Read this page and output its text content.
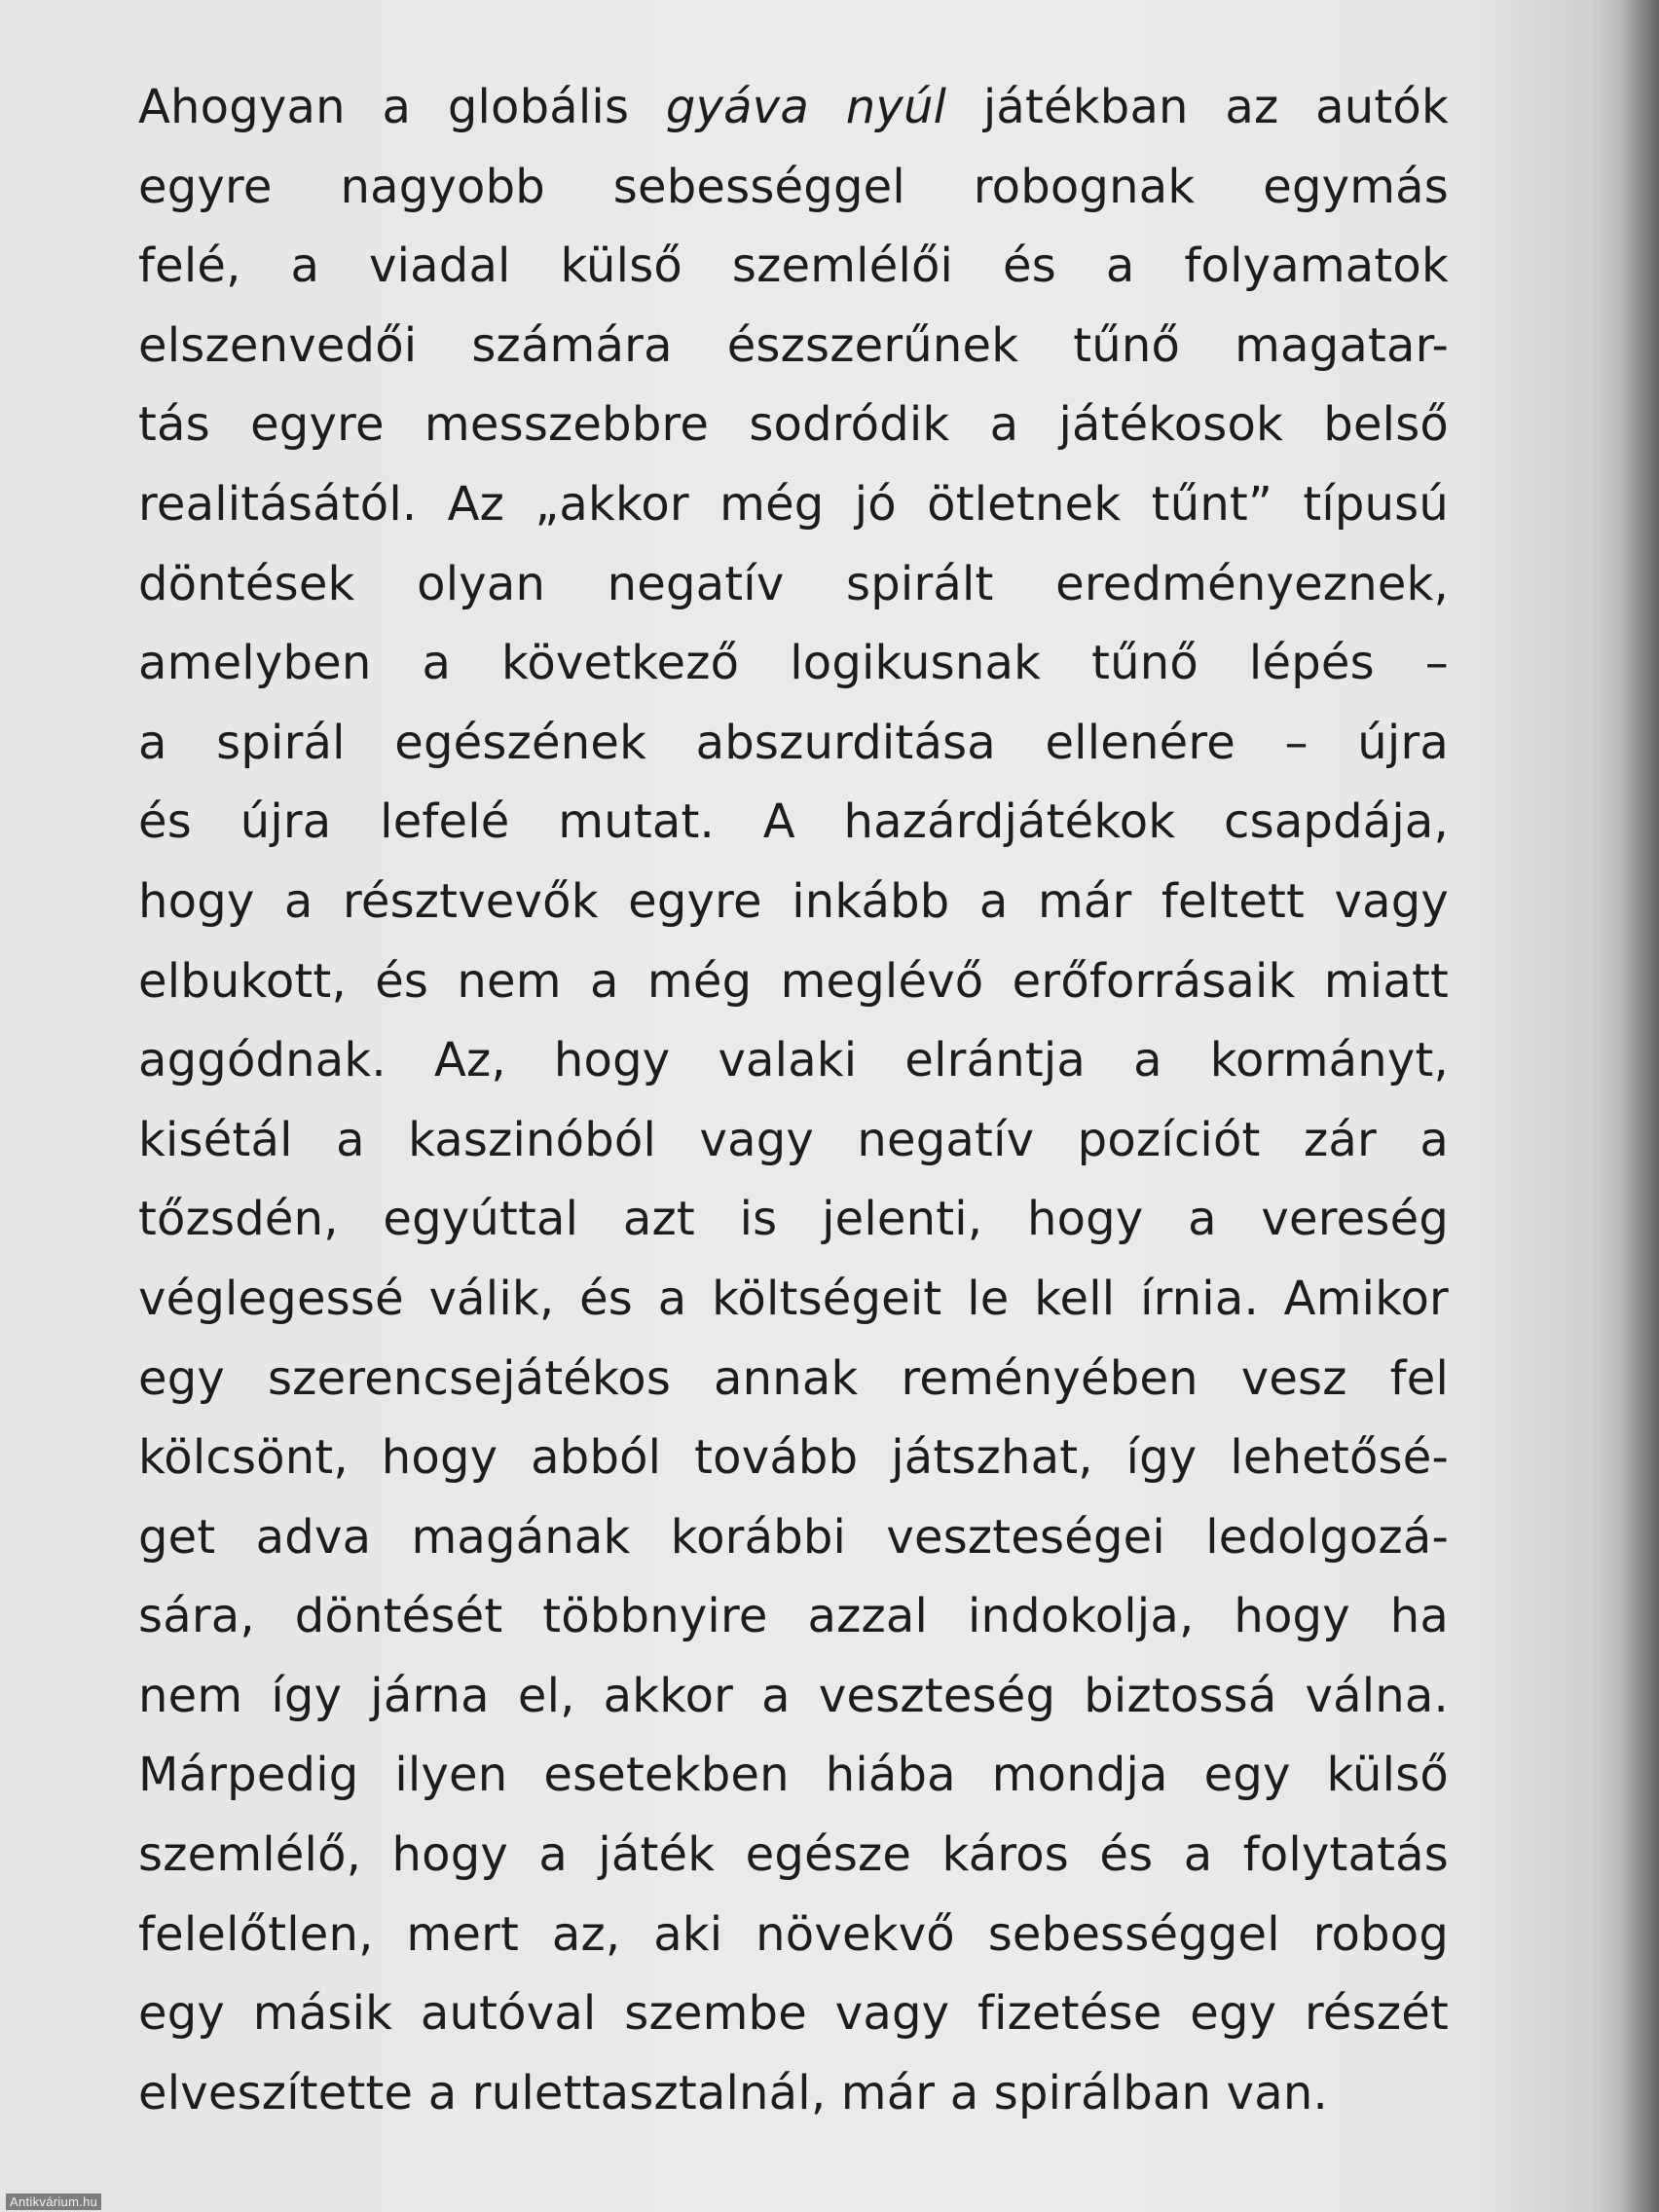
Ahogyan a globális gyáva nyúl játékban az autók
egyre nagyobb sebességgel robognak egymás
felé, a viadal külső szemlélői és a folyamatok
elszenvedői számára észszerűnek tűnő magatar-
tás egyre messzebbre sodródik a játékosok belső
realitásától. Az „akkor még jó ötletnek tűnt” típusú
döntések olyan negatív spirált eredményeznek,
amelyben a következő logikusnak tűnő lépés –
a spirál egészének abszurditása ellenére – újra
és újra lefelé mutat. A hazárdjátékok csapdája,
hogy a résztvevők egyre inkább a már feltett vagy
elbukott, és nem a még meglévő erőforrásaik miatt
aggódnak. Az, hogy valaki elrántja a kormányt,
kisétál a kaszinóból vagy negatív pozíciót zár a
tőzsdén, egyúttal azt is jelenti, hogy a vereség
véglegessé válik, és a költségeit le kell írnia. Amikor
egy szerencsejátékos annak reményében vesz fel
kölcsönt, hogy abból tovább játszhat, így lehetősé-
get adva magának korábbi veszteségei ledolgozá-
sára, döntését többnyire azzal indokolja, hogy ha
nem így járna el, akkor a veszteség biztossá válna.
Márpedig ilyen esetekben hiába mondja egy külső
szemlélő, hogy a játék egésze káros és a folytatás
felelőtlen, mert az, aki növekvő sebességgel robog
egy másik autóval szembe vagy fizetése egy részét
elveszítette a rulettasztalnál, már a spirálban van.
Antikvárium.hu
